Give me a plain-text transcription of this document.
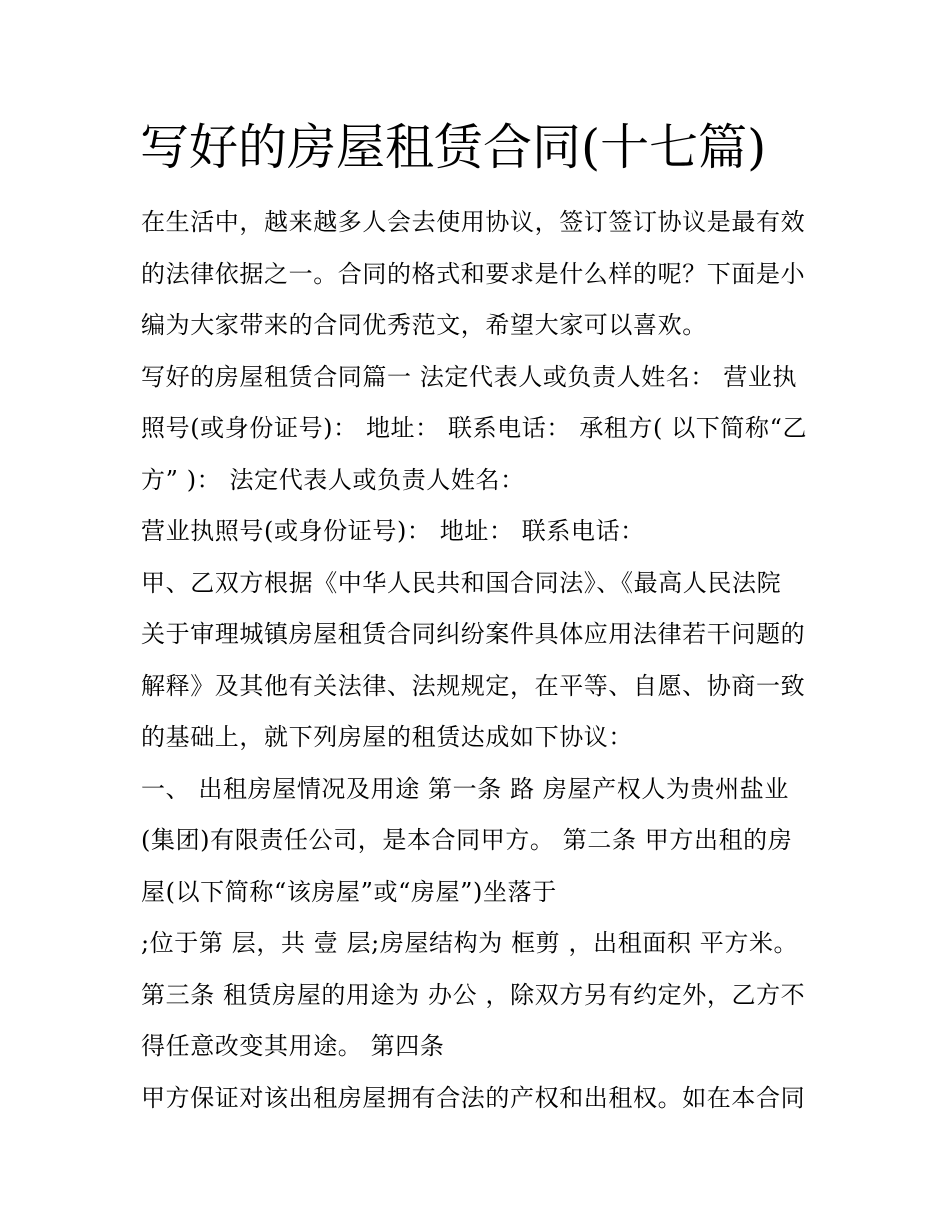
写好的房屋租赁合同(十七篇)
在生活中，越来越多人会去使用协议，签订签订协议是最有效
的法律依据之一。合同的格式和要求是什么样的呢？下面是小
编为大家带来的合同优秀范文，希望大家可以喜欢。
写好的房屋租赁合同篇一 法定代表人或负责人姓名： 营业执
照号(或身份证号)： 地址： 联系电话： 承租方( 以下简称“乙
方” )： 法定代表人或负责人姓名：
营业执照号(或身份证号)： 地址： 联系电话：
甲、乙双方根据《中华人民共和国合同法》、《最高人民法院
关于审理城镇房屋租赁合同纠纷案件具体应用法律若干问题的
解释》及其他有关法律、法规规定，在平等、自愿、协商一致
的基础上，就下列房屋的租赁达成如下协议：
一、 出租房屋情况及用途 第一条 路 房屋产权人为贵州盐业
(集团)有限责任公司，是本合同甲方。 第二条 甲方出租的房
屋(以下简称“该房屋”或“房屋”)坐落于
;位于第 层，共 壹 层;房屋结构为 框剪 ，出租面积 平方米。
第三条 租赁房屋的用途为 办公 ，除双方另有约定外，乙方不
得任意改变其用途。 第四条
甲方保证对该出租房屋拥有合法的产权和出租权。如在本合同
